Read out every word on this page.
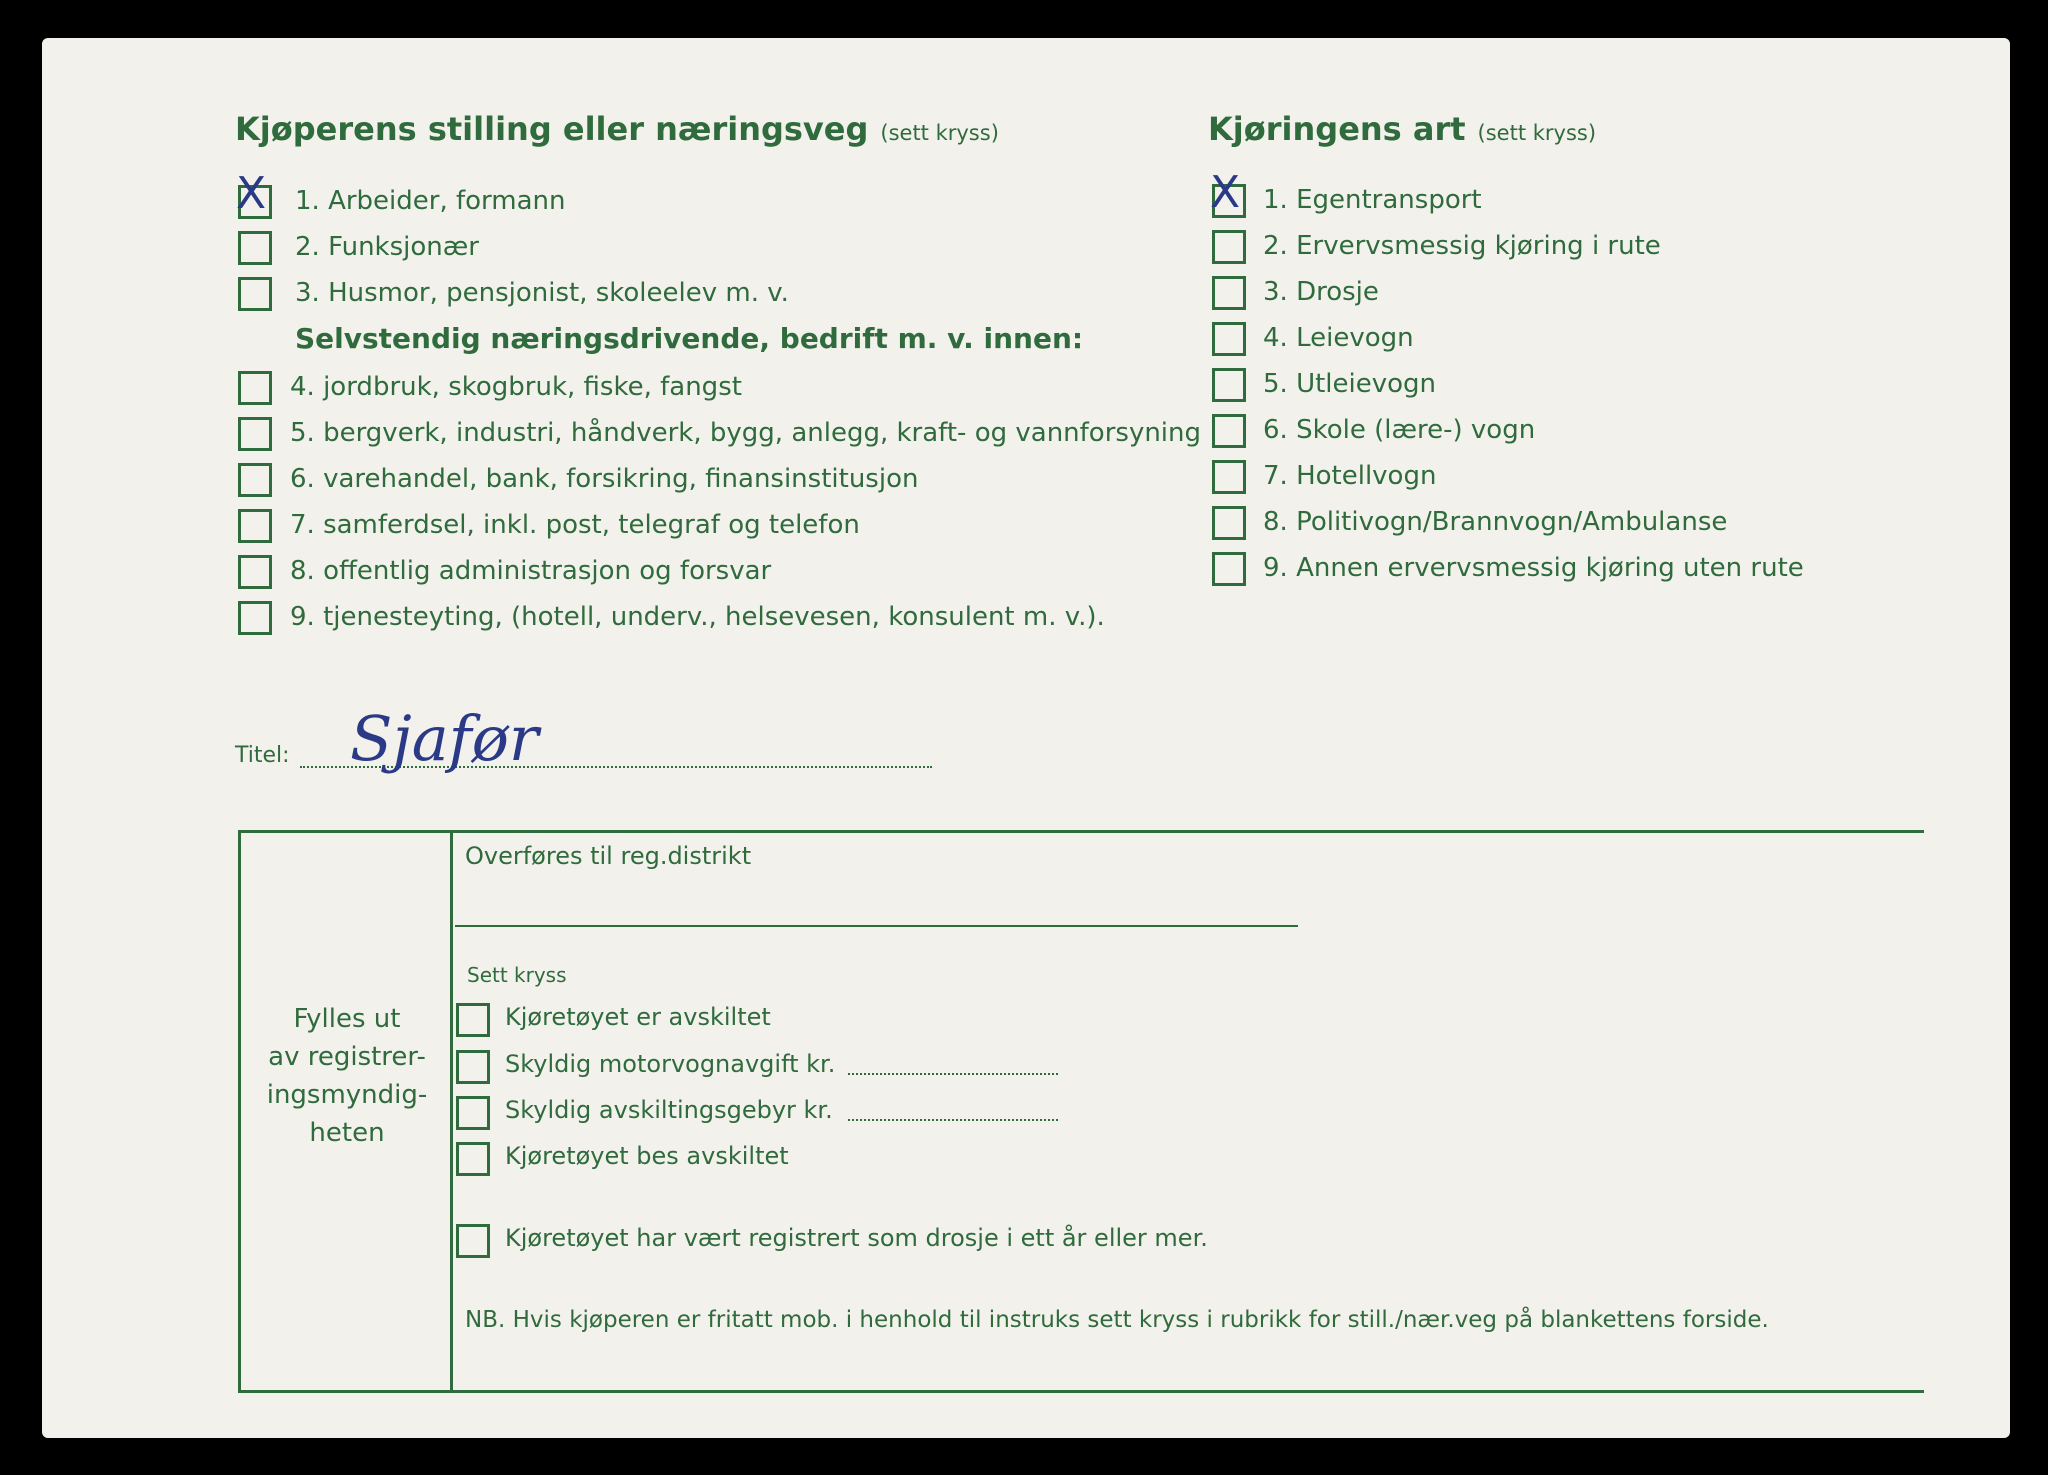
Kjøperens stilling eller næringsveg (sett kryss)
X 1. Arbeider, formann
2. Funksjonær
3. Husmor, pensjonist, skoleelev m. v.
Selvstendig næringsdrivende, bedrift m. v. innen:
4. jordbruk, skogbruk, fiske, fangst
5. bergverk, industri, håndverk, bygg, anlegg, kraft- og vannforsyning
6. varehandel, bank, forsikring, finansinstitusjon
7. samferdsel, inkl. post, telegraf og telefon
8. offentlig administrasjon og forsvar
9. tjenesteyting, (hotell, underv., helsevesen, konsulent m. v.).
Kjøringens art (sett kryss)
X 1. Egentransport
2. Ervervsmessig kjøring i rute
3. Drosje
4. Leievogn
5. Utleievogn
6. Skole (lære-) vogn
7. Hotellvogn
8. Politivogn/Brannvogn/Ambulanse
9. Annen ervervsmessig kjøring uten rute
Titel: Sjafør
Fylles ut
av registrer-
ingsmyndig-
heten
Overføres til reg.distrikt
Sett kryss
Kjøretøyet er avskiltet
Skyldig motorvognavgift kr.
Skyldig avskiltingsgebyr kr.
Kjøretøyet bes avskiltet
Kjøretøyet har vært registrert som drosje i ett år eller mer.
NB. Hvis kjøperen er fritatt mob. i henhold til instruks sett kryss i rubrikk for still./nær.veg på blankettens forside.
